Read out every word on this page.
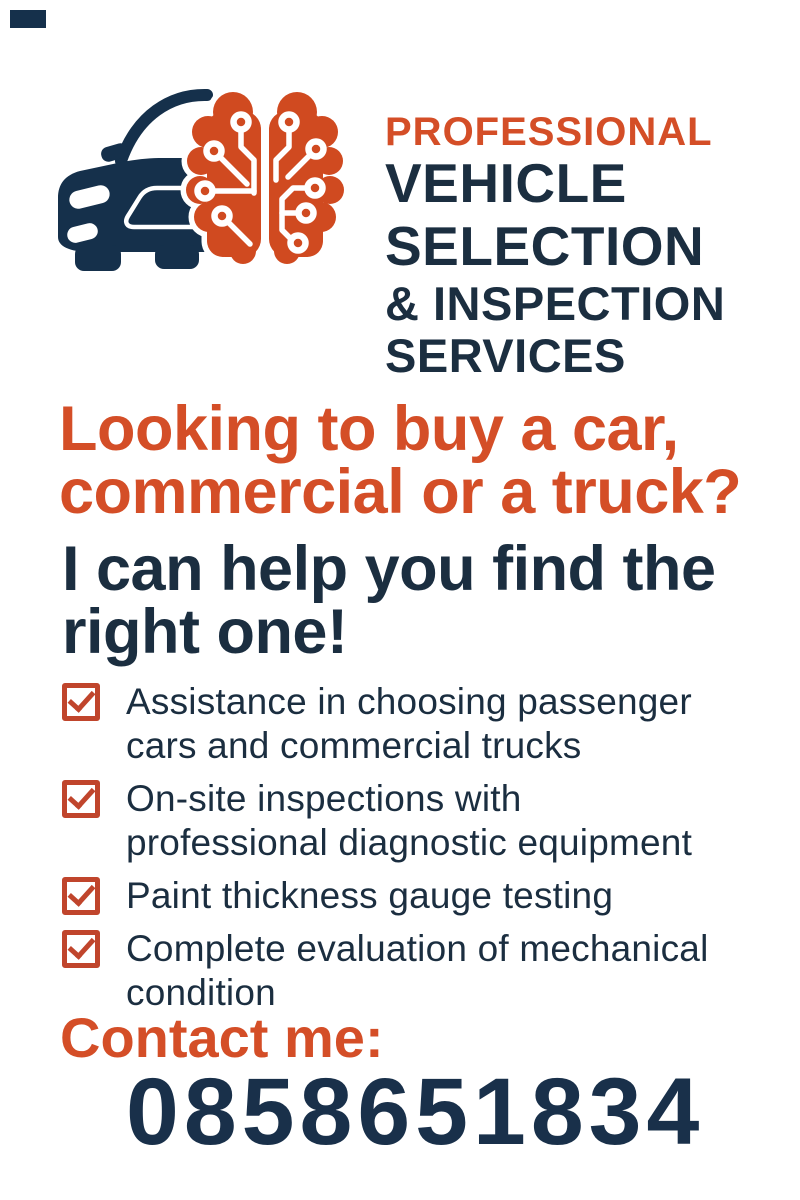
PROFESSIONAL
VEHICLE
SELECTION
& INSPECTION
SERVICES
Looking to buy a car,
commercial or a truck?
I can help you find the
right one!
Assistance in choosing passenger
cars and commercial trucks
On-site inspections with
professional diagnostic equipment
Paint thickness gauge testing
Complete evaluation of mechanical
condition
Contact me:
0858651834
